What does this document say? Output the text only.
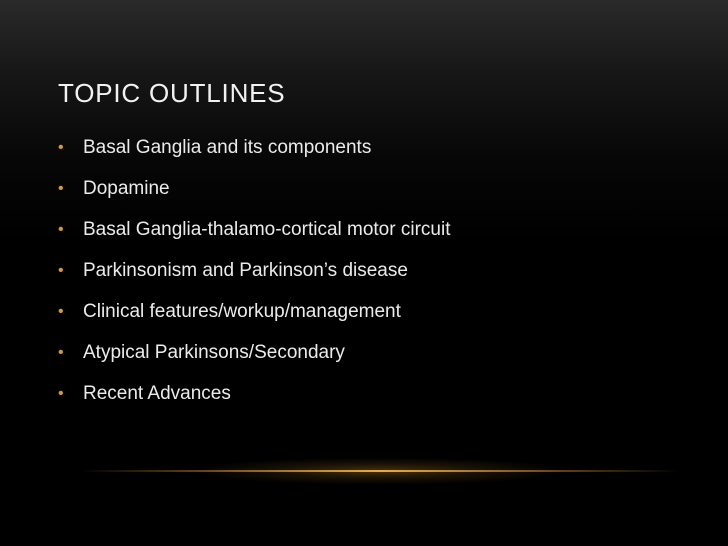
TOPIC OUTLINES
•	Basal Ganglia and its components
•	Dopamine
•	Basal Ganglia-thalamo-cortical motor circuit
•	Parkinsonism and Parkinson’s disease
•	Clinical features/workup/management
•	Atypical Parkinsons/Secondary
•	Recent Advances
